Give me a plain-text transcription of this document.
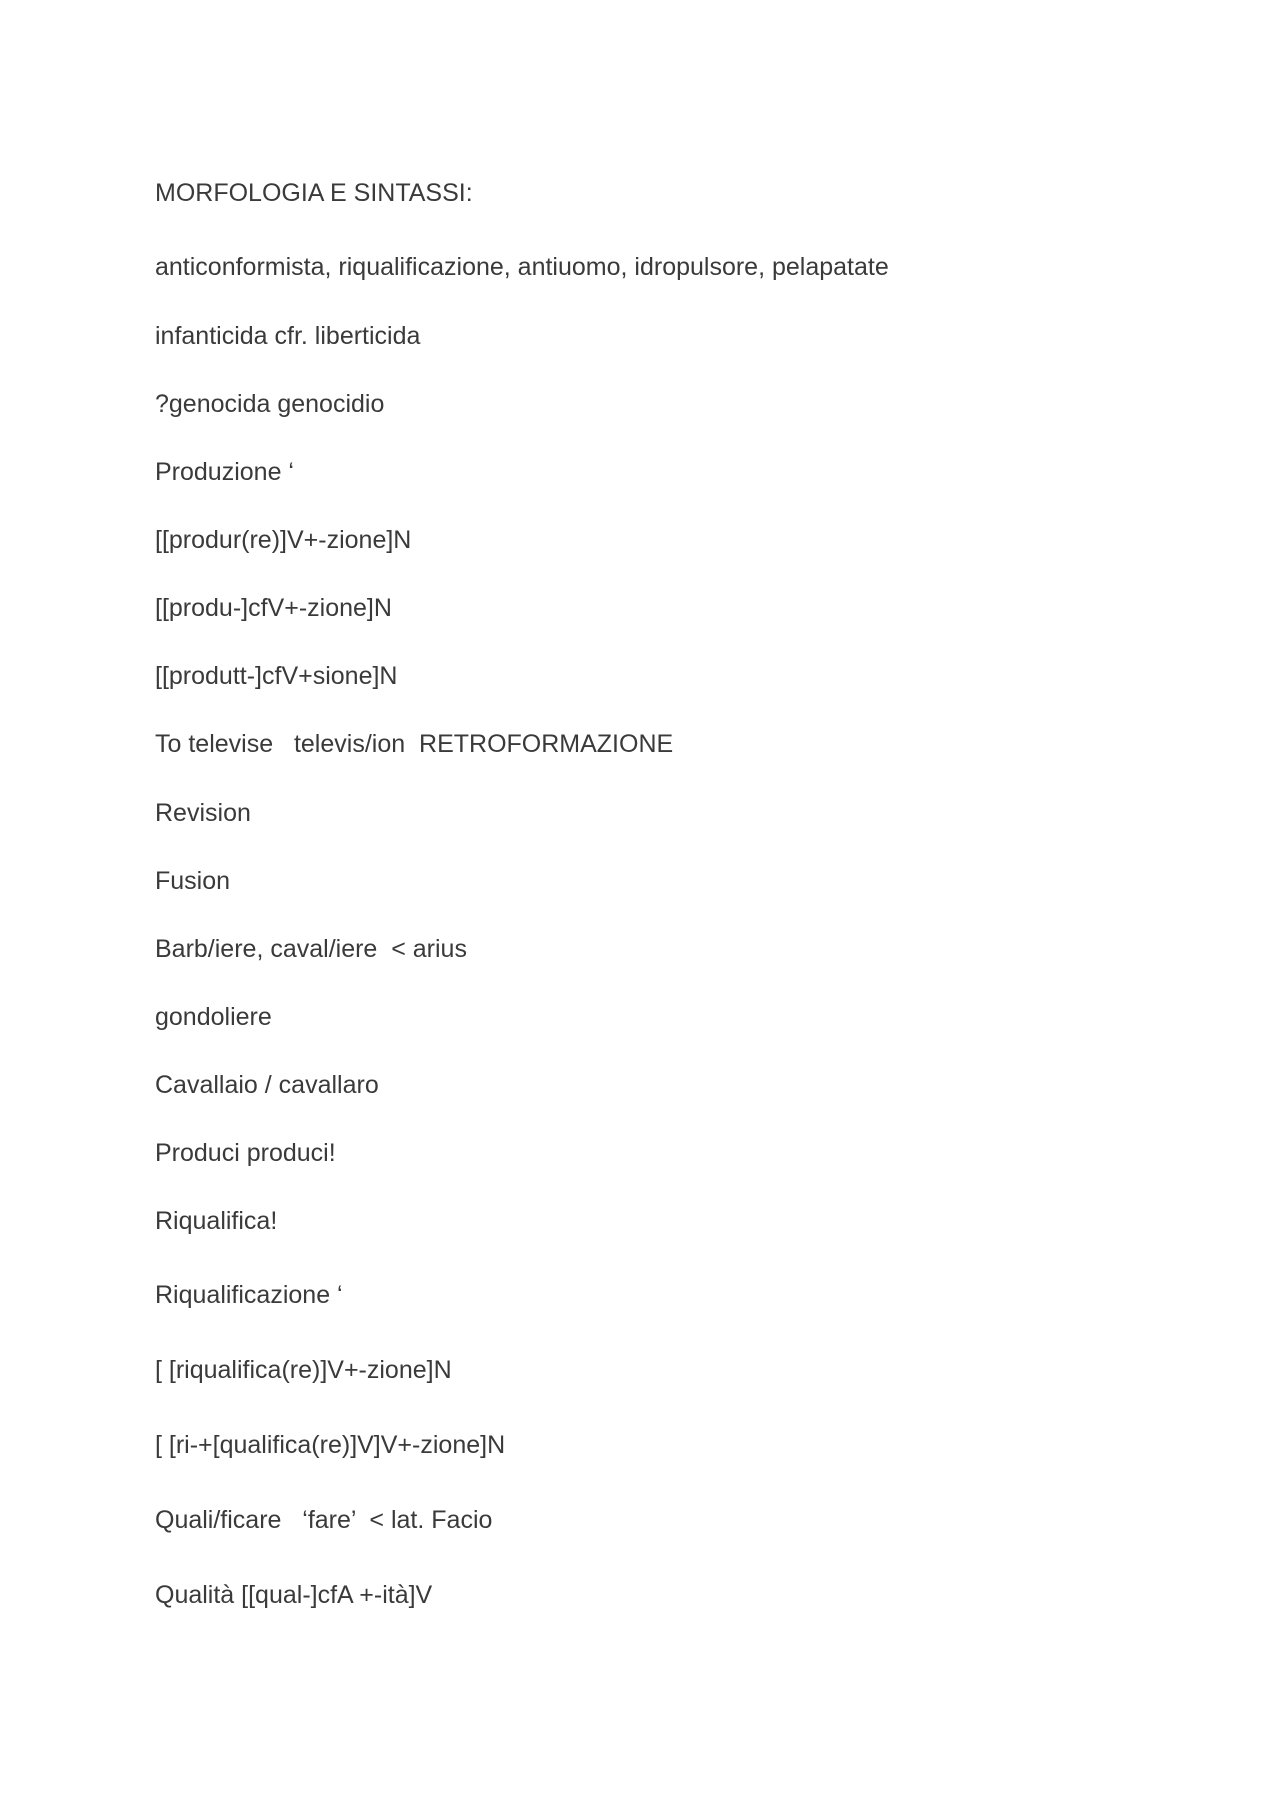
MORFOLOGIA E SINTASSI:

anticonformista, riqualificazione, antiuomo, idropulsore, pelapatate

infanticida cfr. liberticida

?genocida genocidio

Produzione ‘

[[produr(re)]V+-zione]N

[[produ-]cfV+-zione]N

[[produtt-]cfV+sione]N

To televise   televis/ion  RETROFORMAZIONE

Revision

Fusion

Barb/iere, caval/iere  < arius

gondoliere

Cavallaio / cavallaro

Produci produci!

Riqualifica!

Riqualificazione ‘

[ [riqualifica(re)]V+-zione]N

[ [ri-+[qualifica(re)]V]V+-zione]N

Quali/ficare   ‘fare’  < lat. Facio

Qualità [[qual-]cfA +-ità]V
